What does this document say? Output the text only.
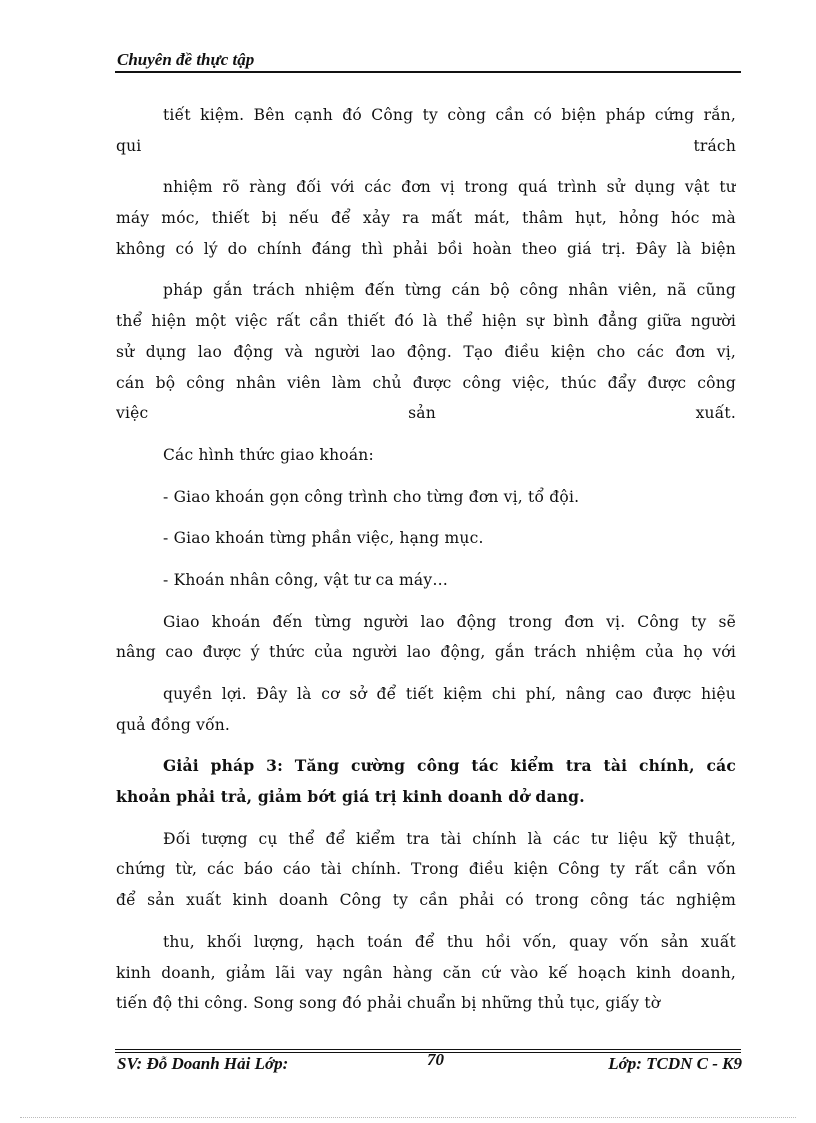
Chuyên đề thực tập
tiết kiệm. Bên cạnh đó Công ty còng cần có biện pháp cứng rắn,
qui	trách
nhiệm rõ ràng đối với các đơn vị trong quá trình sử dụng vật tư
máy móc, thiết bị nếu để xảy ra mất mát, thâm hụt, hỏng hóc mà
không có lý do chính đáng thì phải bồi hoàn theo giá trị. Đây là biện
pháp gắn trách nhiệm đến từng cán bộ công nhân viên, nã cũng
thể hiện một việc rất cần thiết đó là thể hiện sự bình đẳng giữa người
sử dụng lao động và người lao động. Tạo điều kiện cho các đơn vị,
cán bộ công nhân viên làm chủ được công việc, thúc đẩy được công
việc	sản	xuất.
Các hình thức giao khoán:
- Giao khoán gọn công trình cho từng đơn vị, tổ đội.
- Giao khoán từng phần việc, hạng mục.
- Khoán nhân công, vật tư ca máy…
Giao khoán đến từng người lao động trong đơn vị. Công ty sẽ
nâng cao được ý thức của người lao động, gắn trách nhiệm của họ với
quyền lợi. Đây là cơ sở để tiết kiệm chi phí, nâng cao được hiệu
quả đồng vốn.
Giải pháp 3: Tăng cường công tác kiểm tra tài chính, các
khoản phải trả, giảm bớt giá trị kinh doanh dở dang.
Đối tượng cụ thể để kiểm tra tài chính là các tư liệu kỹ thuật,
chứng từ, các báo cáo tài chính. Trong điều kiện Công ty rất cần vốn
để sản xuất kinh doanh Công ty cần phải có trong công tác nghiệm
thu, khối lượng, hạch toán để thu hồi vốn, quay vốn sản xuất
kinh doanh, giảm lãi vay ngân hàng căn cứ vào kế hoạch kinh doanh,
tiến độ thi công. Song song đó phải chuẩn bị những thủ tục, giấy tờ
SV: Đỗ Doanh Hải Lớp:	70	Lớp: TCDN C - K9
